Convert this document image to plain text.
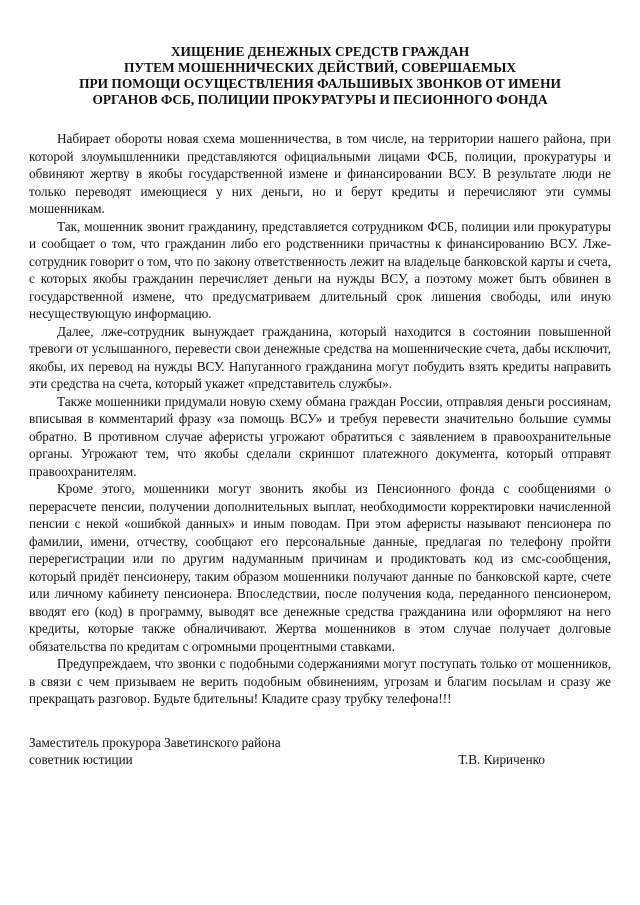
ХИЩЕНИЕ ДЕНЕЖНЫХ СРЕДСТВ ГРАЖДАН
ПУТЕМ МОШЕННИЧЕСКИХ ДЕЙСТВИЙ, СОВЕРШАЕМЫХ
ПРИ ПОМОЩИ ОСУЩЕСТВЛЕНИЯ ФАЛЬШИВЫХ ЗВОНКОВ ОТ ИМЕНИ
ОРГАНОВ ФСБ, ПОЛИЦИИ ПРОКУРАТУРЫ И ПЕСИОННОГО ФОНДА

Набирает обороты новая схема мошенничества, в том числе, на территории нашего района, при которой злоумышленники представляются официальными лицами ФСБ, полиции, прокуратуры и обвиняют жертву в якобы государственной измене и финансировании ВСУ. В результате люди не только переводят имеющиеся у них деньги, но и берут кредиты и перечисляют эти суммы мошенникам.

Так, мошенник звонит гражданину, представляется сотрудником ФСБ, полиции или прокуратуры и сообщает о том, что гражданин либо его родственники причастны к финансированию ВСУ. Лже-сотрудник говорит о том, что по закону ответственность лежит на владельце банковской карты и счета, с которых якобы гражданин перечисляет деньги на нужды ВСУ, а поэтому может быть обвинен в государственной измене, что предусматриваем длительный срок лишения свободы, или иную несуществующую информацию.

Далее, лже-сотрудник вынуждает гражданина, который находится в состоянии повышенной тревоги от услышанного, перевести свои денежные средства на мошеннические счета, дабы исключит, якобы, их перевод на нужды ВСУ. Напуганного гражданина могут побудить взять кредиты направить эти средства на счета, который укажет «представитель службы».

Также мошенники придумали новую схему обмана граждан России, отправляя деньги россиянам, вписывая в комментарий фразу «за помощь ВСУ» и требуя перевести значительно большие суммы обратно. В противном случае аферисты угрожают обратиться с заявлением в правоохранительные органы. Угрожают тем, что якобы сделали скриншот платежного документа, который отправят правоохранителям.

Кроме этого, мошенники могут звонить якобы из Пенсионного фонда с сообщениями о перерасчете пенсии, получении дополнительных выплат, необходимости корректировки начисленной пенсии с некой «ошибкой данных» и иным поводам. При этом аферисты называют пенсионера по фамилии, имени, отчеству, сообщают его персональные данные, предлагая по телефону пройти перерегистрации или по другим надуманным причинам и продиктовать код из смс-сообщения, который придёт пенсионеру, таким образом мошенники получают данные по банковской карте, счете или личному кабинету пенсионера. Впоследствии, после получения кода, переданного пенсионером, вводят его (код) в программу, выводят все денежные средства гражданина или оформляют на него кредиты, которые также обналичивают. Жертва мошенников в этом случае получает долговые обязательства по кредитам с огромными процентными ставками.

Предупреждаем, что звонки с подобными содержаниями могут поступать только от мошенников, в связи с чем призываем не верить подобным обвинениям, угрозам и благим посылам и сразу же прекращать разговор. Будьте бдительны! Кладите сразу трубку телефона!!!

Заместитель прокурора Заветинского района
советник юстиции	Т.В. Кириченко
